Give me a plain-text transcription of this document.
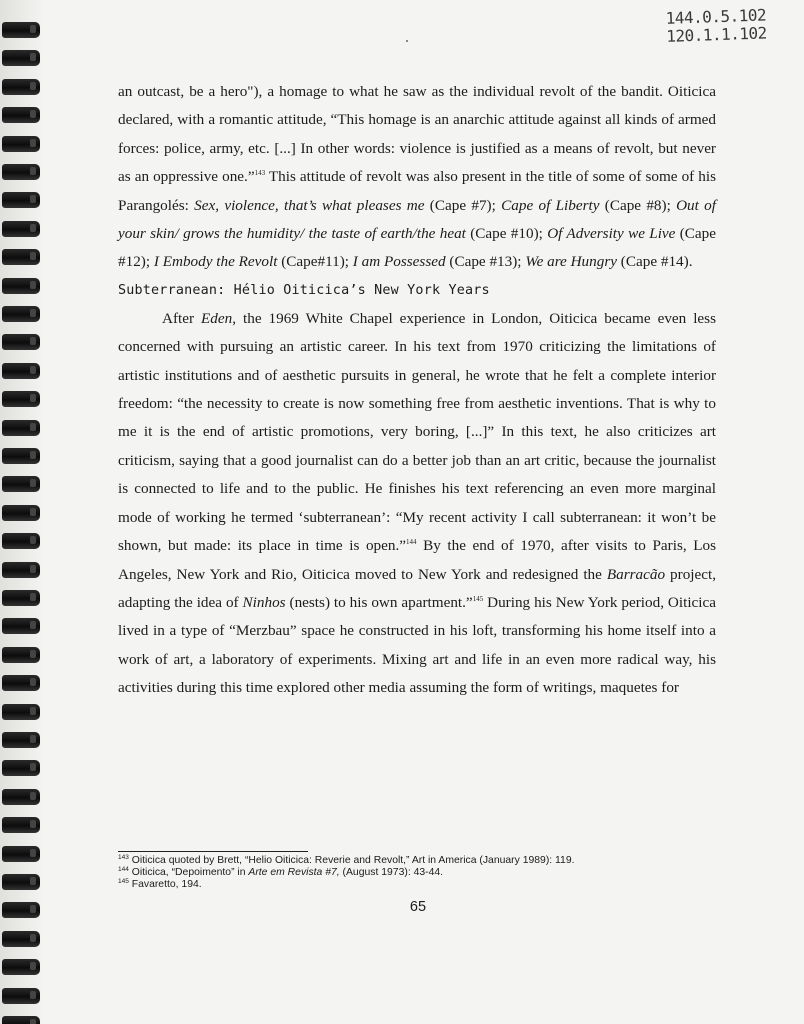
144.0.5.102
120.1.1.102

an outcast, be a hero"), a homage to what he saw as the individual revolt of the bandit. Oiticica declared, with a romantic attitude, “This homage is an anarchic attitude against all kinds of armed forces: police, army, etc. [...] In other words: violence is justified as a means of revolt, but never as an oppressive one.”$^{143}$ This attitude of revolt was also present in the title of some of some of his Parangolés: Sex, violence, that’s what pleases me (Cape #7); Cape of Liberty (Cape #8); Out of your skin/ grows the humidity/ the taste of earth/the heat (Cape #10); Of Adversity we Live (Cape #12); I Embody the Revolt (Cape#11); I am Possessed (Cape #13); We are Hungry (Cape #14).

Subterranean: Hélio Oiticica’s New York Years

After Eden, the 1969 White Chapel experience in London, Oiticica became even less concerned with pursuing an artistic career. In his text from 1970 criticizing the limitations of artistic institutions and of aesthetic pursuits in general, he wrote that he felt a complete interior freedom: “the necessity to create is now something free from aesthetic inventions. That is why to me it is the end of artistic promotions, very boring, [...]” In this text, he also criticizes art criticism, saying that a good journalist can do a better job than an art critic, because the journalist is connected to life and to the public. He finishes his text referencing an even more marginal mode of working he termed ‘subterranean’: “My recent activity I call subterranean: it won’t be shown, but made: its place in time is open.”$^{144}$ By the end of 1970, after visits to Paris, Los Angeles, New York and Rio, Oiticica moved to New York and redesigned the Barracão project, adapting the idea of Ninhos (nests) to his own apartment.”$^{145}$ During his New York period, Oiticica lived in a type of “Merzbau” space he constructed in his loft, transforming his home itself into a work of art, a laboratory of experiments. Mixing art and life in an even more radical way, his activities during this time explored other media assuming the form of writings, maquetes for

$^{143}$ Oiticica quoted by Brett, “Helio Oiticica: Reverie and Revolt,” Art in America (January 1989): 119.
$^{144}$ Oiticica, “Depoimento” in Arte em Revista #7, (August 1973): 43-44.
$^{145}$ Favaretto, 194.
65
